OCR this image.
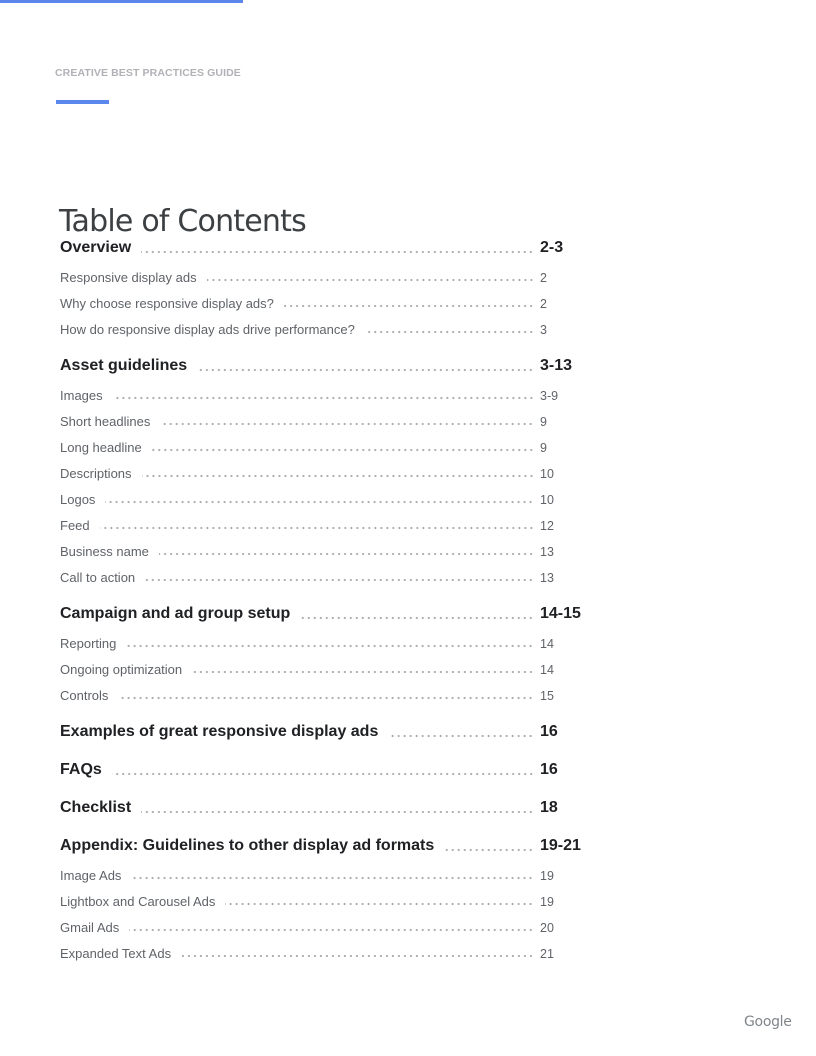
CREATIVE BEST PRACTICES GUIDE
Table of Contents
Overview	2-3
Responsive display ads	2
Why choose responsive display ads?	2
How do responsive display ads drive performance?	3
Asset guidelines	3-13
Images	3-9
Short headlines	9
Long headline	9
Descriptions	10
Logos	10
Feed	12
Business name	13
Call to action	13
Campaign and ad group setup	14-15
Reporting	14
Ongoing optimization	14
Controls	15
Examples of great responsive display ads	16
FAQs	16
Checklist	18
Appendix: Guidelines to other display ad formats	19-21
Image Ads	19
Lightbox and Carousel Ads	19
Gmail Ads	20
Expanded Text Ads	21
Google
